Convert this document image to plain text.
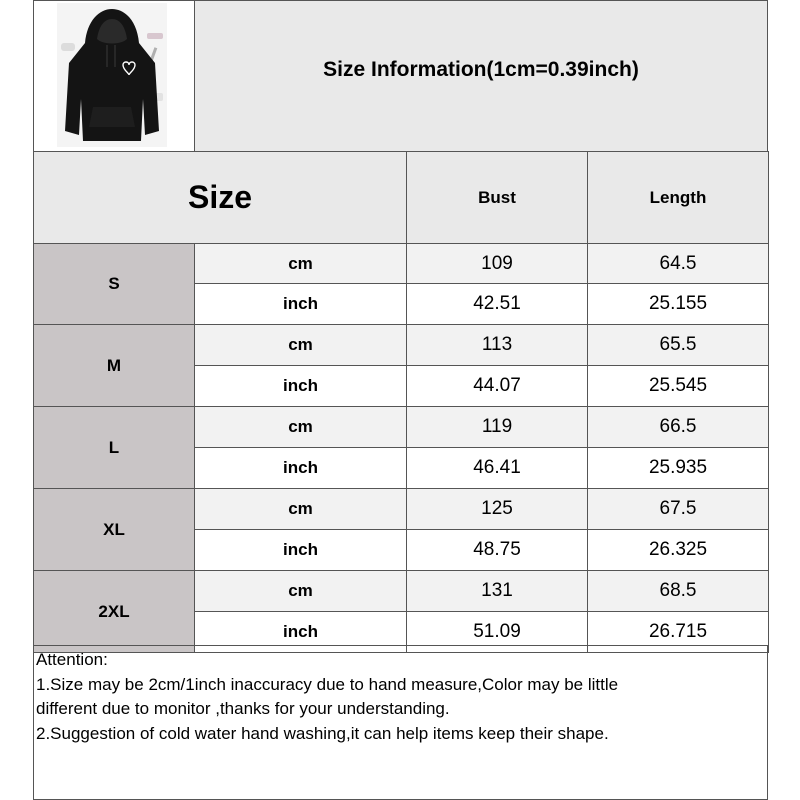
Size Information(1cm=0.39inch)
Size		Bust	Length
S	cm	109	64.5
	inch	42.51	25.155
M	cm	113	65.5
	inch	44.07	25.545
L	cm	119	66.5
	inch	46.41	25.935
XL	cm	125	67.5
	inch	48.75	26.325
2XL	cm	131	68.5
	inch	51.09	26.715
Attention:
1.Size may be 2cm/1inch inaccuracy due to hand measure,Color may be little
different due to monitor ,thanks for your understanding.
2.Suggestion of cold water hand washing,it can help items keep their shape.
